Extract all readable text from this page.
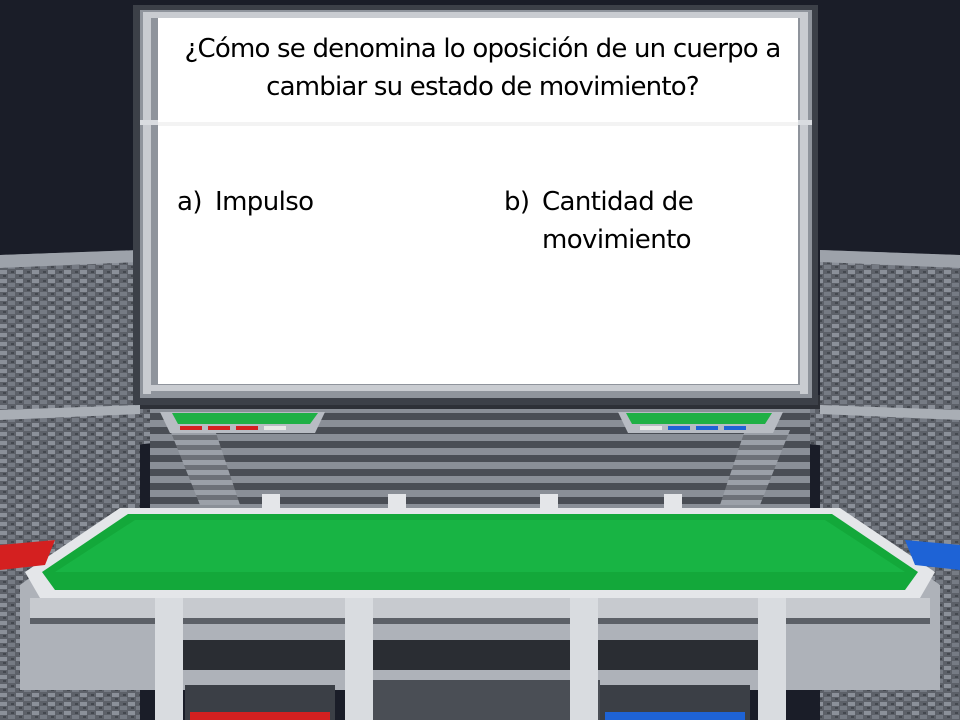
¿Cómo se denomina lo oposición de un cuerpo a cambiar su estado de movimiento?
a) Impulso	b) Cantidad de movimiento
